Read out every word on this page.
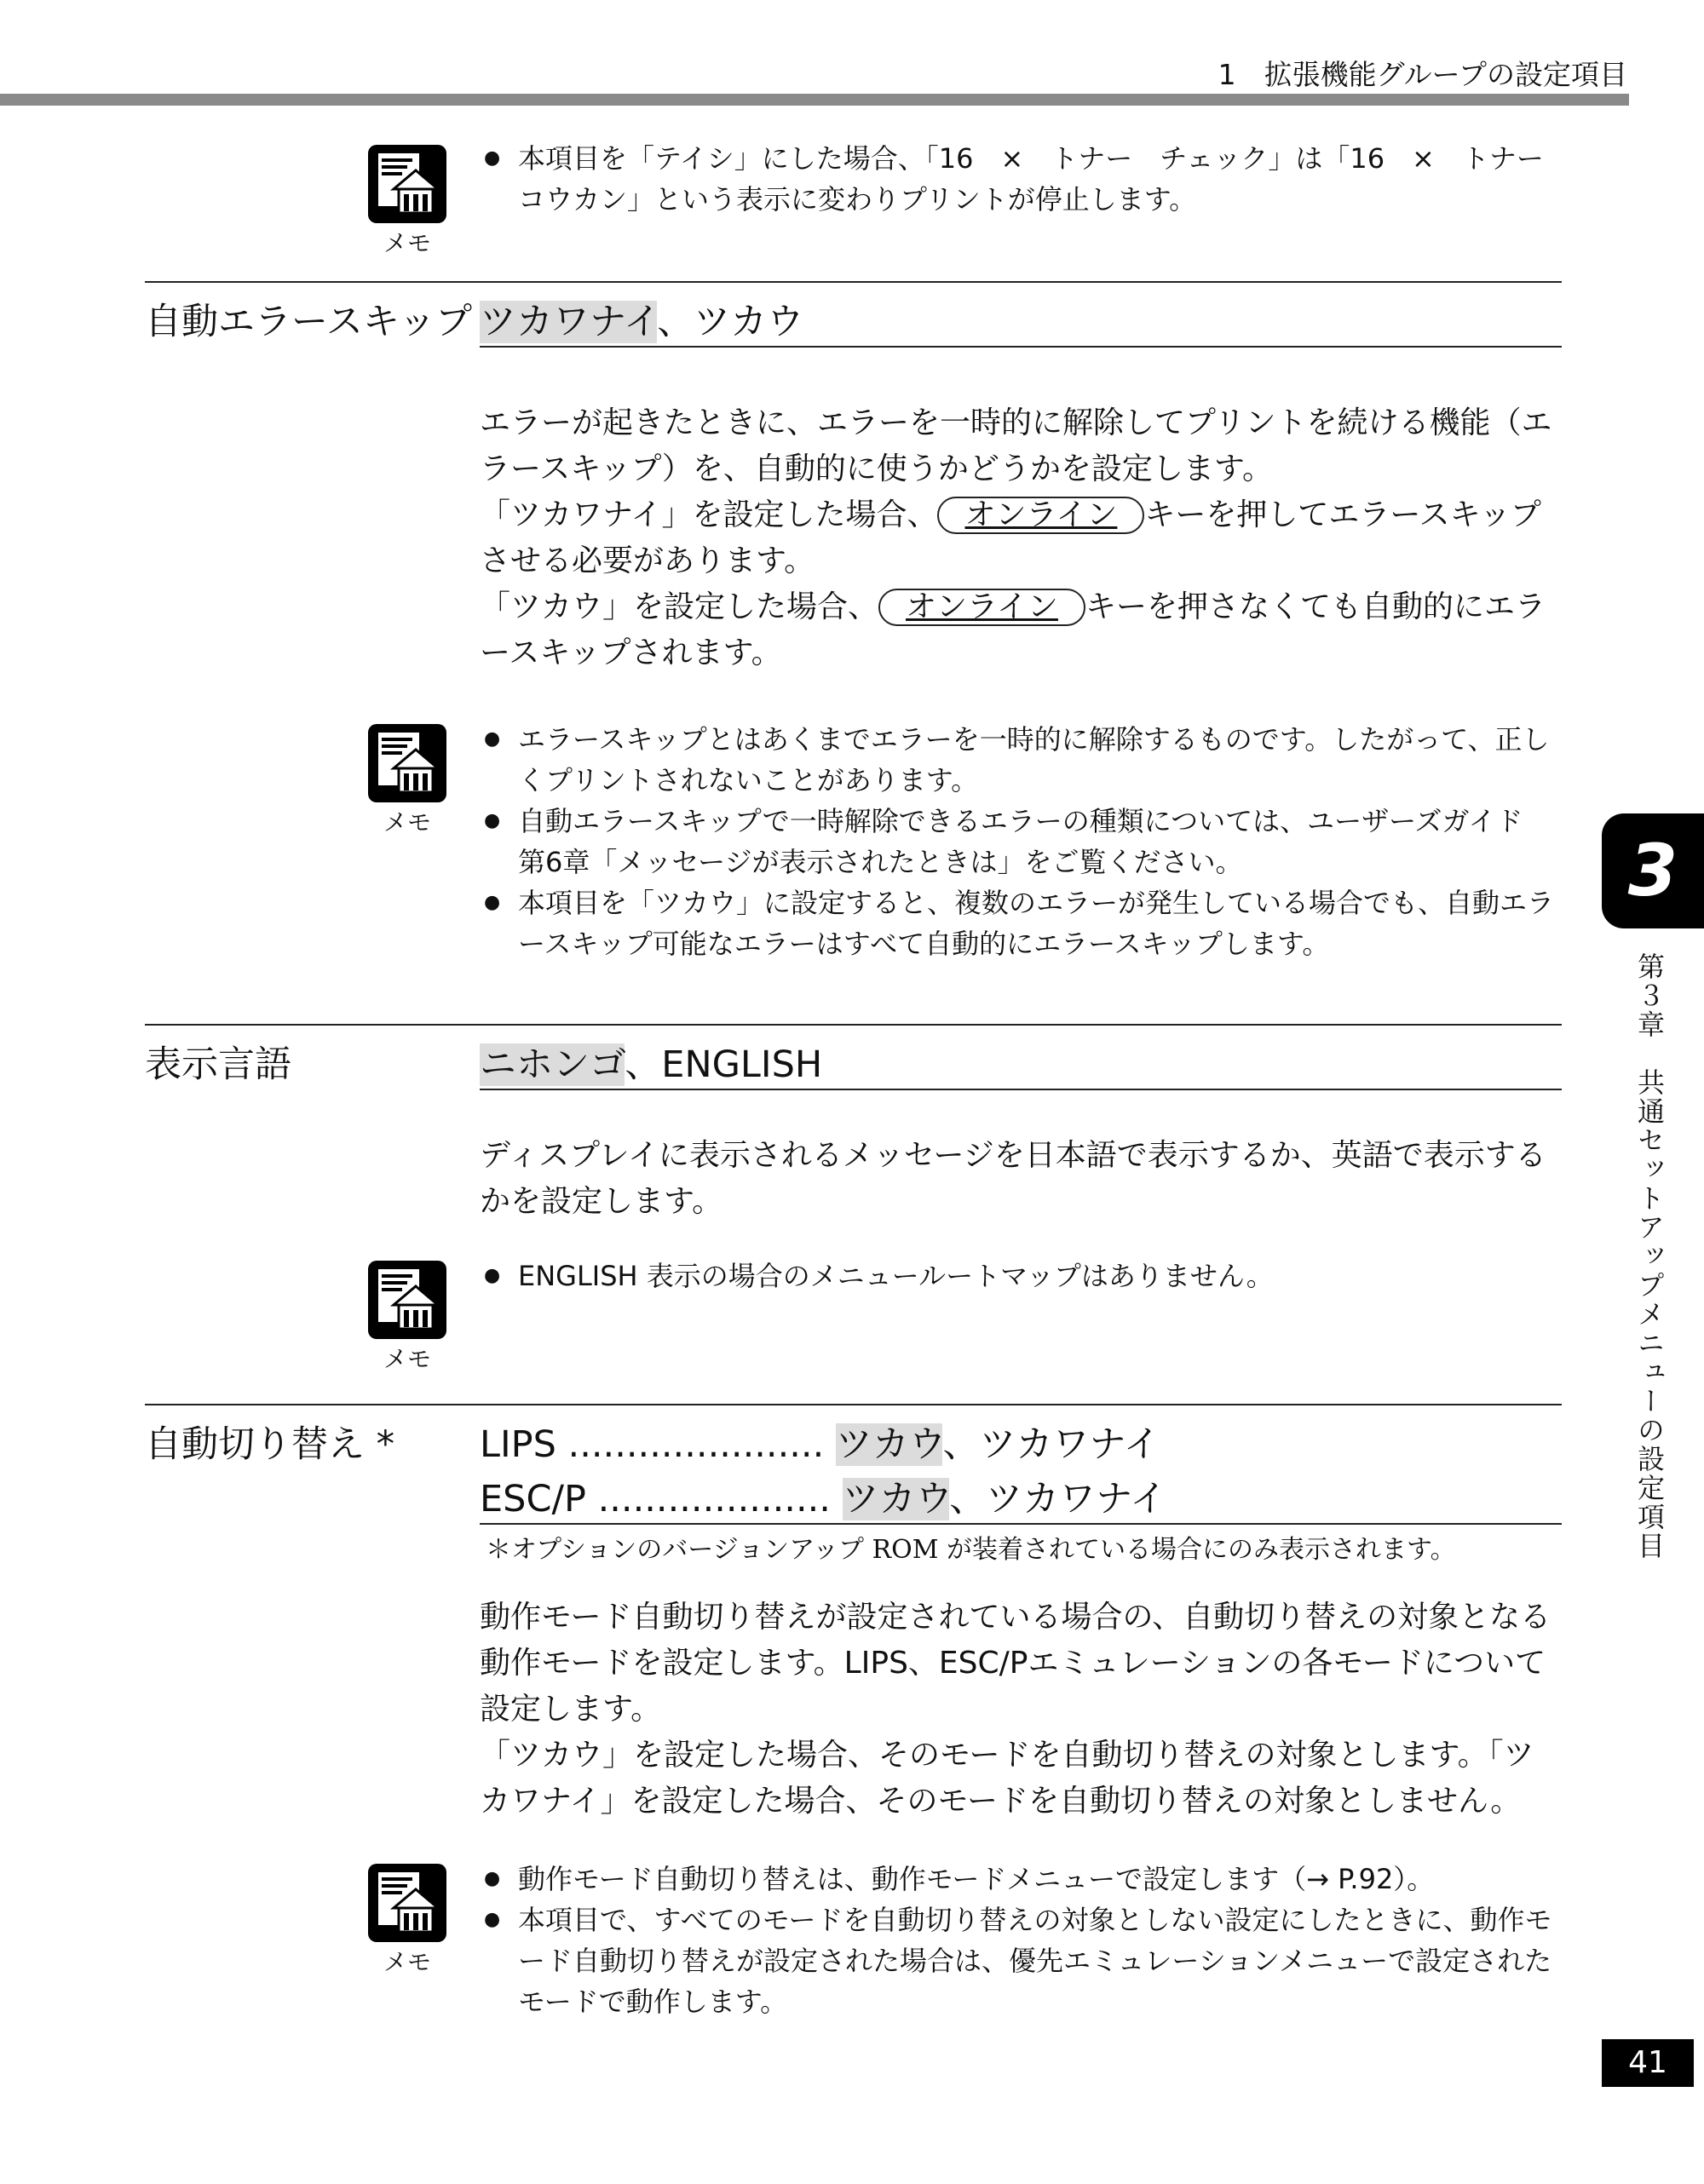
1　拡張機能グループの設定項目
メモ
● 本項目を「テイシ」にした場合、「16　×　トナー　チェック」は「16　×　トナーコウカン」という表示に変わりプリントが停止します。
自動エラースキップ ツカワナイ、ツカウ

エラーが起きたときに、エラーを一時的に解除してプリントを続ける機能（エラースキップ）を、自動的に使うかどうかを設定します。

「ツカワナイ」を設定した場合、 オンライン キーを押してエラースキップさせる必要があります。

「ツカウ」を設定した場合、 オンライン キーを押さなくても自動的にエラースキップされます。

メモ
● エラースキップとはあくまでエラーを一時的に解除するものです。したがって、正しくプリントされないことがあります。
● 自動エラースキップで一時解除できるエラーの種類については、ユーザーズガイド　第6章「メッセージが表示されたときは」をご覧ください。
● 本項目を「ツカウ」に設定すると、複数のエラーが発生している場合でも、自動エラースキップ可能なエラーはすべて自動的にエラースキップします。
表示言語	ニホンゴ、ENGLISH

ディスプレイに表示されるメッセージを日本語で表示するか、英語で表示するかを設定します。

メモ
● ENGLISH 表示の場合のメニュールートマップはありません。
自動切り替え * LIPS ...................... ツカウ、ツカワナイ
ESC/P .................... ツカウ、ツカワナイ
＊オプションのバージョンアップ ROM が装着されている場合にのみ表示されます。

動作モード自動切り替えが設定されている場合の、自動切り替えの対象となる動作モードを設定します。LIPS、ESC/Pエミュレーションの各モードについて設定します。

「ツカウ」を設定した場合、そのモードを自動切り替えの対象とします。「ツカワナイ」を設定した場合、そのモードを自動切り替えの対象としません。

メモ
● 動作モード自動切り替えは、動作モードメニューで設定します（→ P.92）。
● 本項目で、すべてのモードを自動切り替えの対象としない設定にしたときに、動作モード自動切り替えが設定された場合は、優先エミュレーションメニューで設定されたモードで動作します。
3
第３章　共通セットアップメニューの設定項目
41
